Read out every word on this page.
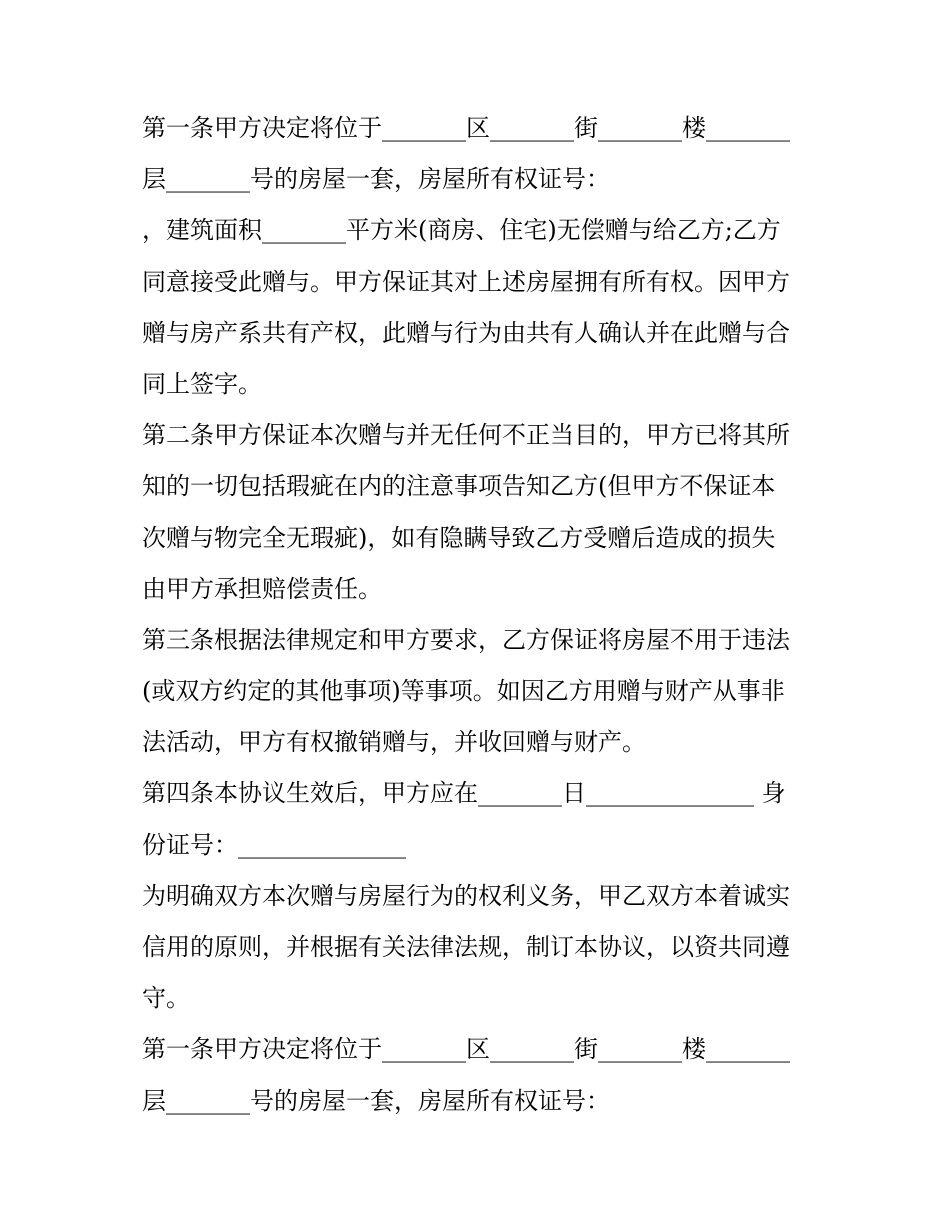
第一条甲方决定将位于_______区_______街_______楼_______
层_______号的房屋一套，房屋所有权证号：
，建筑面积_______平方米(商房、住宅)无偿赠与给乙方;乙方
同意接受此赠与。甲方保证其对上述房屋拥有所有权。因甲方
赠与房产系共有产权，此赠与行为由共有人确认并在此赠与合
同上签字。
第二条甲方保证本次赠与并无任何不正当目的，甲方已将其所
知的一切包括瑕疵在内的注意事项告知乙方(但甲方不保证本
次赠与物完全无瑕疵)，如有隐瞒导致乙方受赠后造成的损失
由甲方承担赔偿责任。
第三条根据法律规定和甲方要求，乙方保证将房屋不用于违法
(或双方约定的其他事项)等事项。如因乙方用赠与财产从事非
法活动，甲方有权撤销赠与，并收回赠与财产。
第四条本协议生效后，甲方应在_______日______________ 身
份证号：______________
为明确双方本次赠与房屋行为的权利义务，甲乙双方本着诚实
信用的原则，并根据有关法律法规，制订本协议，以资共同遵
守。
第一条甲方决定将位于_______区_______街_______楼_______
层_______号的房屋一套，房屋所有权证号：
